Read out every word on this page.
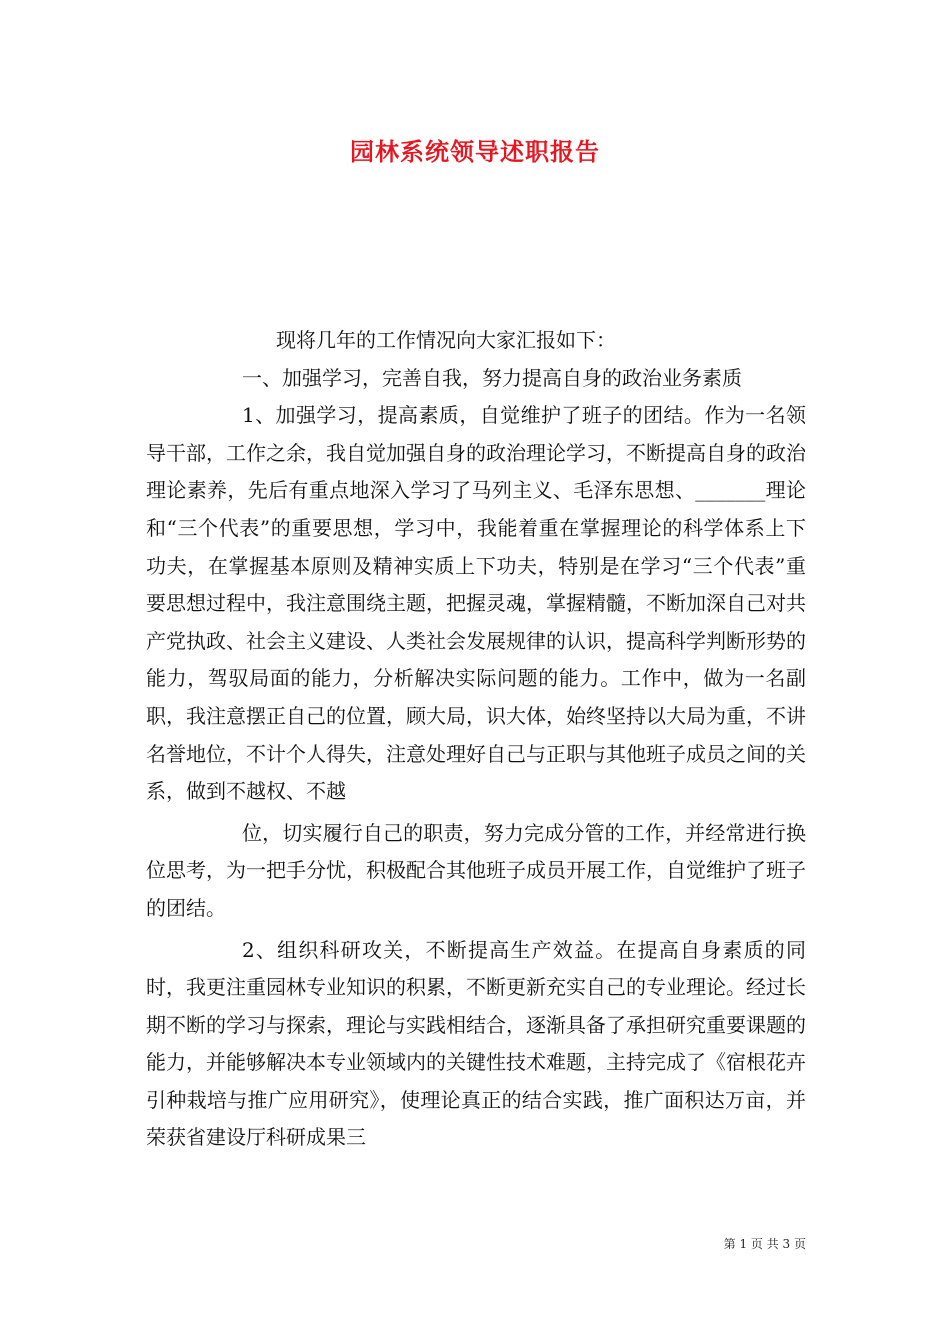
园林系统领导述职报告

现将几年的工作情况向大家汇报如下：

一、加强学习，完善自我，努力提高自身的政治业务素质

1、加强学习，提高素质，自觉维护了班子的团结。作为一名领导干部，工作之余，我自觉加强自身的政治理论学习，不断提高自身的政治理论素养，先后有重点地深入学习了马列主义、毛泽东思想、_______理论和“三个代表”的重要思想，学习中，我能着重在掌握理论的科学体系上下功夫，在掌握基本原则及精神实质上下功夫，特别是在学习“三个代表”重要思想过程中，我注意围绕主题，把握灵魂，掌握精髓，不断加深自己对共产党执政、社会主义建设、人类社会发展规律的认识，提高科学判断形势的能力，驾驭局面的能力，分析解决实际问题的能力。工作中，做为一名副职，我注意摆正自己的位置，顾大局，识大体，始终坚持以大局为重，不讲名誉地位，不计个人得失，注意处理好自己与正职与其他班子成员之间的关系，做到不越权、不越

位，切实履行自己的职责，努力完成分管的工作，并经常进行换位思考，为一把手分忧，积极配合其他班子成员开展工作，自觉维护了班子的团结。

2、组织科研攻关，不断提高生产效益。在提高自身素质的同时，我更注重园林专业知识的积累，不断更新充实自己的专业理论。经过长期不断的学习与探索，理论与实践相结合，逐渐具备了承担研究重要课题的能力，并能够解决本专业领域内的关键性技术难题，主持完成了《宿根花卉引种栽培与推广应用研究》，使理论真正的结合实践，推广面积达万亩，并荣获省建设厅科研成果三

第 1 页 共 3 页
